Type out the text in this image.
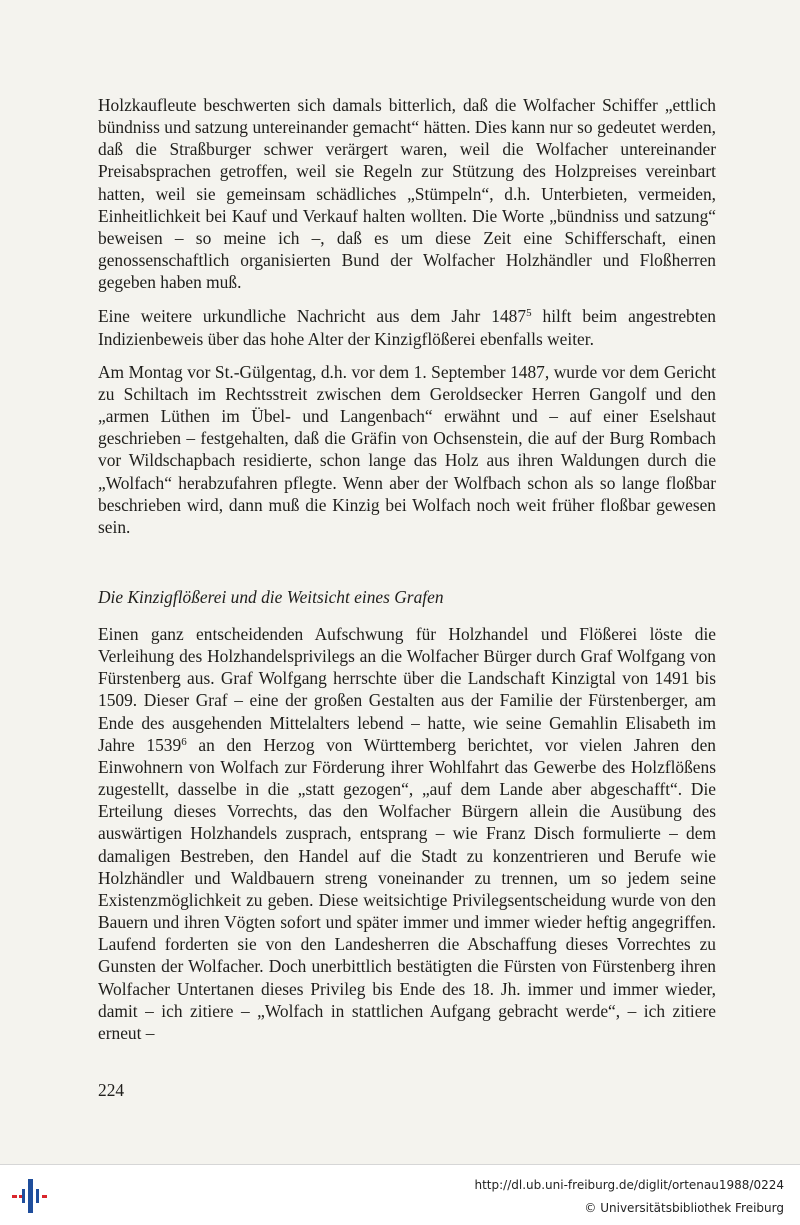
Holzkaufleute beschwerten sich damals bitterlich, daß die Wolfacher Schiffer „ettlich bündniss und satzung untereinander gemacht“ hätten. Dies kann nur so gedeutet werden, daß die Straßburger schwer verärgert waren, weil die Wolfacher untereinander Preisabsprachen getroffen, weil sie Regeln zur Stützung des Holzpreises vereinbart hatten, weil sie gemeinsam schädliches „Stümpeln“, d.h. Unterbieten, vermeiden, Einheitlichkeit bei Kauf und Verkauf halten wollten. Die Worte „bündniss und satzung“ beweisen – so meine ich –, daß es um diese Zeit eine Schifferschaft, einen genossenschaftlich organisierten Bund der Wolfacher Holzhändler und Floßherren gegeben haben muß.

Eine weitere urkundliche Nachricht aus dem Jahr 1487$^5$ hilft beim angestrebten Indizienbeweis über das hohe Alter der Kinzigflößerei ebenfalls weiter.

Am Montag vor St.-Gülgentag, d.h. vor dem 1. September 1487, wurde vor dem Gericht zu Schiltach im Rechtsstreit zwischen dem Geroldsecker Herren Gangolf und den „armen Lüthen im Übel- und Langenbach“ erwähnt und – auf einer Eselshaut geschrieben – festgehalten, daß die Gräfin von Ochsenstein, die auf der Burg Rombach vor Wildschapbach residierte, schon lange das Holz aus ihren Waldungen durch die „Wolfach“ herabzufahren pflegte. Wenn aber der Wolfbach schon als so lange floßbar beschrieben wird, dann muß die Kinzig bei Wolfach noch weit früher floßbar gewesen sein.

Die Kinzigflößerei und die Weitsicht eines Grafen

Einen ganz entscheidenden Aufschwung für Holzhandel und Flößerei löste die Verleihung des Holzhandelsprivilegs an die Wolfacher Bürger durch Graf Wolfgang von Fürstenberg aus. Graf Wolfgang herrschte über die Landschaft Kinzigtal von 1491 bis 1509. Dieser Graf – eine der großen Gestalten aus der Familie der Fürstenberger, am Ende des ausgehenden Mittelalters lebend – hatte, wie seine Gemahlin Elisabeth im Jahre 1539$^6$ an den Herzog von Württemberg berichtet, vor vielen Jahren den Einwohnern von Wolfach zur Förderung ihrer Wohlfahrt das Gewerbe des Holzflößens zugestellt, dasselbe in die „statt gezogen“, „auf dem Lande aber abgeschafft“. Die Erteilung dieses Vorrechts, das den Wolfacher Bürgern allein die Ausübung des auswärtigen Holzhandels zusprach, entsprang – wie Franz Disch formulierte – dem damaligen Bestreben, den Handel auf die Stadt zu konzentrieren und Berufe wie Holzhändler und Waldbauern streng voneinander zu trennen, um so jedem seine Existenzmöglichkeit zu geben. Diese weitsichtige Privilegsentscheidung wurde von den Bauern und ihren Vögten sofort und später immer und immer wieder heftig angegriffen. Laufend forderten sie von den Landesherren die Abschaffung dieses Vorrechtes zu Gunsten der Wolfacher. Doch unerbittlich bestätigten die Fürsten von Fürstenberg ihren Wolfacher Untertanen dieses Privileg bis Ende des 18. Jh. immer und immer wieder, damit – ich zitiere – „Wolfach in stattlichen Aufgang gebracht werde“, – ich zitiere erneut –

224
http://dl.ub.uni-freiburg.de/diglit/ortenau1988/0224
© Universitätsbibliothek Freiburg
